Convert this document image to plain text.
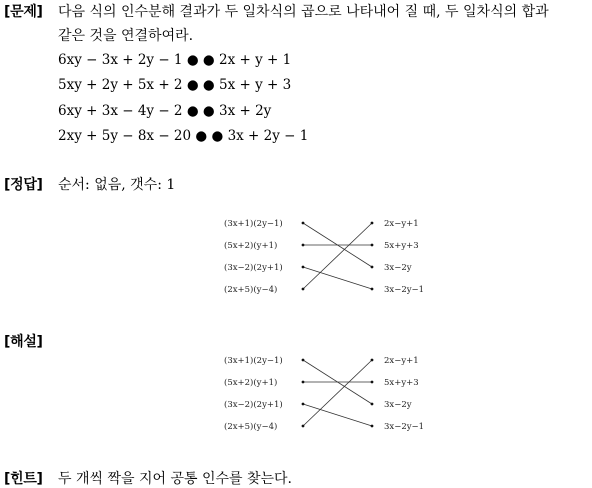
[문제] 다음 식의 인수분해 결과가 두 일차식의 곱으로 나타내어 질 때, 두 일차식의 합과
같은 것을 연결하여라.
6xy − 3x + 2y − 1 ● ● 2x + y + 1
5xy + 2y + 5x + 2 ● ● 5x + y + 3
6xy + 3x − 4y − 2 ● ● 3x + 2y
2xy + 5y − 8x − 20 ● ● 3x + 2y − 1
[정답] 순서: 없음, 갯수: 1
(3x+1)(2y−1)
(5x+2)(y+1)
(3x−2)(2y+1)
(2x+5)(y−4)
2x−y+1
5x+y+3
3x−2y
3x−2y−1
[해설]
(3x+1)(2y−1)
(5x+2)(y+1)
(3x−2)(2y+1)
(2x+5)(y−4)
2x−y+1
5x+y+3
3x−2y
3x−2y−1
[힌트] 두 개씩 짝을 지어 공통 인수를 찾는다.
